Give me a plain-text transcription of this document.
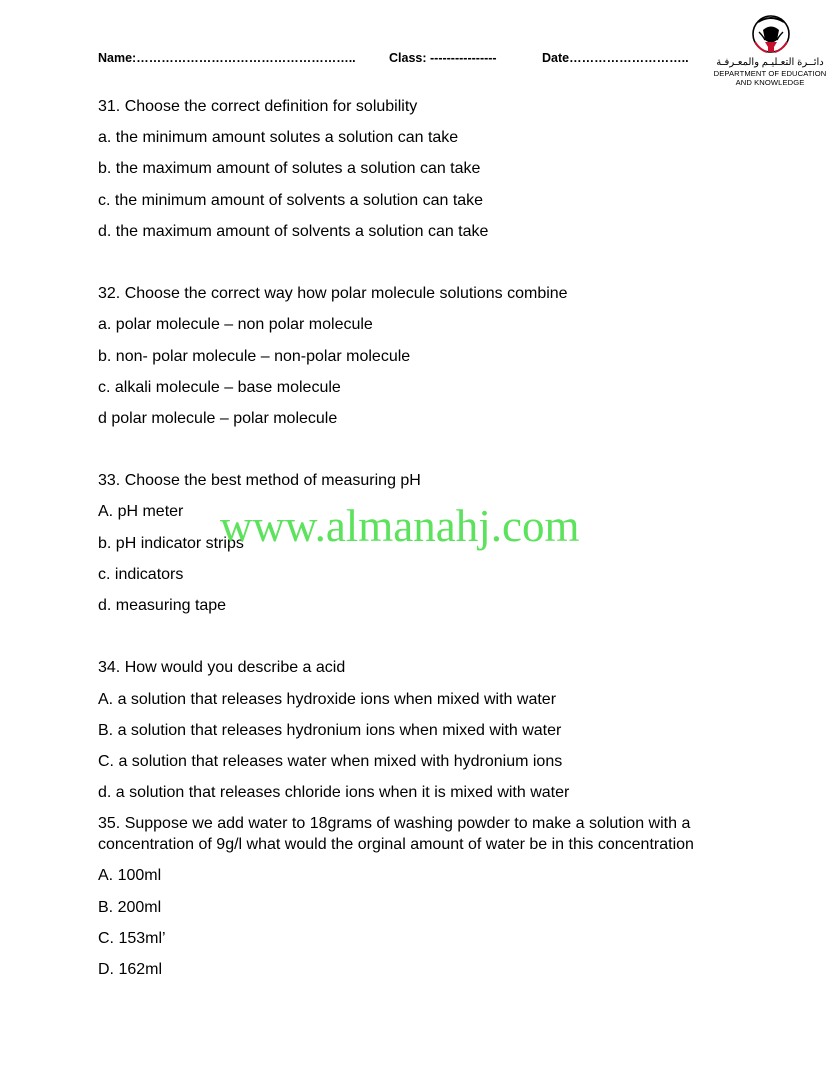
Name:……………………………………………..	Class: ----------------	Date………………………..	دائــرة التعـليـم والمعـرفـة
DEPARTMENT OF EDUCATION
AND KNOWLEDGE
31. Choose the correct definition for solubility
a. the minimum amount solutes a solution can take
b. the maximum amount of solutes a solution can take
c. the minimum amount of solvents a solution can take
d. the maximum amount of solvents a solution can take
32. Choose the correct way how polar molecule solutions combine
a. polar molecule – non polar molecule
b. non- polar molecule – non-polar molecule
c. alkali molecule – base molecule
d polar molecule – polar molecule
33. Choose the best method of measuring pH
A. pH meter
b. pH indicator strips
c. indicators
d. measuring tape
34. How would you describe a acid
A. a solution that releases hydroxide ions when mixed with water
B. a solution that releases hydronium ions when mixed with water
C. a solution that releases water when mixed with hydronium ions
d. a solution that releases chloride ions when it is mixed with water
35. Suppose we add water to 18grams of washing powder to make a solution with a concentration of 9g/l what would the orginal amount of water be in this concentration
A. 100ml
B. 200ml
C. 153ml’
D. 162ml
www.almanahj.com
